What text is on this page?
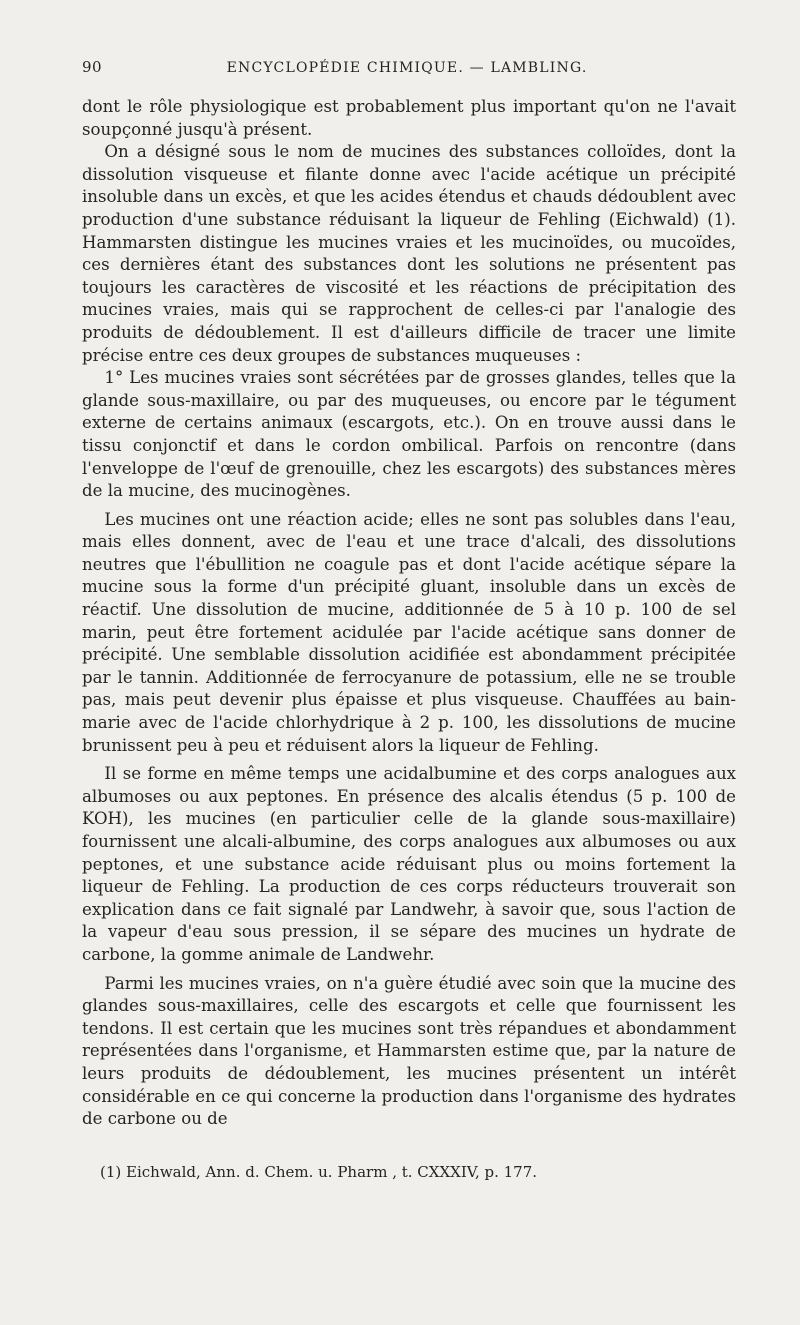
90	ENCYCLOPÉDIE CHIMIQUE. — LAMBLING.

dont le rôle physiologique est probablement plus important qu'on ne l'avait soupçonné jusqu'à présent.

On a désigné sous le nom de mucines des substances colloïdes, dont la dissolution visqueuse et filante donne avec l'acide acétique un précipité insoluble dans un excès, et que les acides étendus et chauds dédoublent avec production d'une substance réduisant la liqueur de Fehling (Eichwald) (1). Hammarsten distingue les mucines vraies et les mucinoïdes, ou mucoïdes, ces dernières étant des substances dont les solutions ne présentent pas toujours les caractères de viscosité et les réactions de précipitation des mucines vraies, mais qui se rapprochent de celles-ci par l'analogie des produits de dédoublement. Il est d'ailleurs difficile de tracer une limite précise entre ces deux groupes de substances muqueuses :

1° Les mucines vraies sont sécrétées par de grosses glandes, telles que la glande sous-maxillaire, ou par des muqueuses, ou encore par le tégument externe de certains animaux (escargots, etc.). On en trouve aussi dans le tissu conjonctif et dans le cordon ombilical. Parfois on rencontre (dans l'enveloppe de l'œuf de grenouille, chez les escargots) des substances mères de la mucine, des mucinogènes.

Les mucines ont une réaction acide; elles ne sont pas solubles dans l'eau, mais elles donnent, avec de l'eau et une trace d'alcali, des dissolutions neutres que l'ébullition ne coagule pas et dont l'acide acétique sépare la mucine sous la forme d'un précipité gluant, insoluble dans un excès de réactif. Une dissolution de mucine, additionnée de 5 à 10 p. 100 de sel marin, peut être fortement acidulée par l'acide acétique sans donner de précipité. Une semblable dissolution acidifiée est abondamment précipitée par le tannin. Additionnée de ferrocyanure de potassium, elle ne se trouble pas, mais peut devenir plus épaisse et plus visqueuse. Chauffées au bain-marie avec de l'acide chlorhydrique à 2 p. 100, les dissolutions de mucine brunissent peu à peu et réduisent alors la liqueur de Fehling.

Il se forme en même temps une acidalbumine et des corps analogues aux albumoses ou aux peptones. En présence des alcalis étendus (5 p. 100 de KOH), les mucines (en particulier celle de la glande sous-maxillaire) fournissent une alcali-albumine, des corps analogues aux albumoses ou aux peptones, et une substance acide réduisant plus ou moins fortement la liqueur de Fehling. La production de ces corps réducteurs trouverait son explication dans ce fait signalé par Landwehr, à savoir que, sous l'action de la vapeur d'eau sous pression, il se sépare des mucines un hydrate de carbone, la gomme animale de Landwehr.

Parmi les mucines vraies, on n'a guère étudié avec soin que la mucine des glandes sous-maxillaires, celle des escargots et celle que fournissent les tendons. Il est certain que les mucines sont très répandues et abondamment représentées dans l'organisme, et Hammarsten estime que, par la nature de leurs produits de dédoublement, les mucines présentent un intérêt considérable en ce qui concerne la production dans l'organisme des hydrates de carbone ou de

(1) Eichwald, Ann. d. Chem. u. Pharm , t. CXXXIV, p. 177.
